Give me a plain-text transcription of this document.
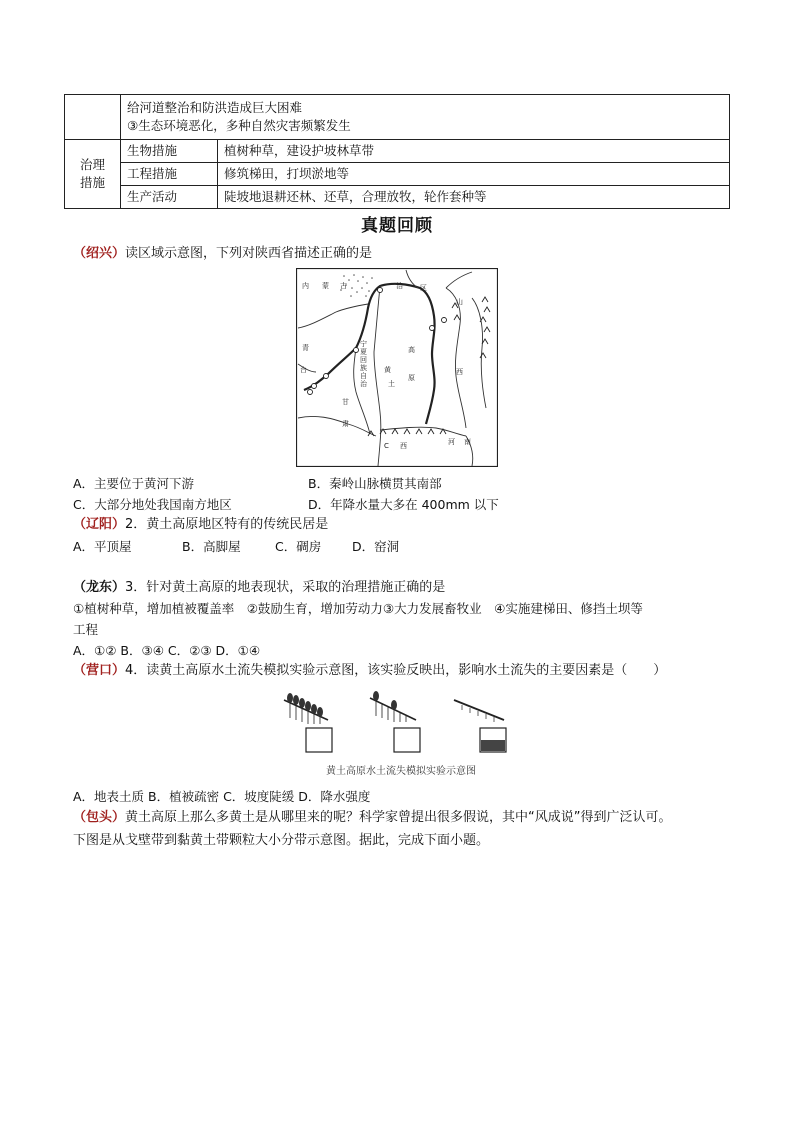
	给河道整治和防洪造成巨大困难
③生态环境恶化，多种自然灾害频繁发生	

治理
措施	生物措施	植树种草，建设护坡林草带
	工程措施	修筑梯田，打坝淤地等
	生产活动	陡坡地退耕还林、还草，合理放牧，轮作套种等
真题回顾
（绍兴）读区域示意图，下列对陕西省描述正确的是
内 蒙 古	治 区
青	宁
夏
回
族
自
治
高
黄
土
原
山
西
甘
肃
C 西	河 南
台
A．主要位于黄河下游	B．秦岭山脉横贯其南部
C．大部分地处我国南方地区	D．年降水量大多在 400mm 以下
（辽阳）2．黄土高原地区特有的传统民居是
A．平顶屋	B．高脚屋	C．碉房 D．窑洞
（龙东）3．针对黄土高原的地表现状，采取的治理措施正确的是
①植树种草，增加植被覆盖率　②鼓励生育，增加劳动力③大力发展畜牧业　④实施建梯田、修挡土坝等
工程
A．①② B．③④ C．②③ D．①④
（营口）4．读黄土高原水土流失模拟实验示意图，该实验反映出，影响水土流失的主要因素是（　　）
黄土高原水土流失模拟实验示意图
A．地表土质 B．植被疏密 C．坡度陡缓 D．降水强度
（包头）黄土高原上那么多黄土是从哪里来的呢？科学家曾提出很多假说，其中“风成说”得到广泛认可。
下图是从戈壁带到黏黄土带颗粒大小分带示意图。据此，完成下面小题。
